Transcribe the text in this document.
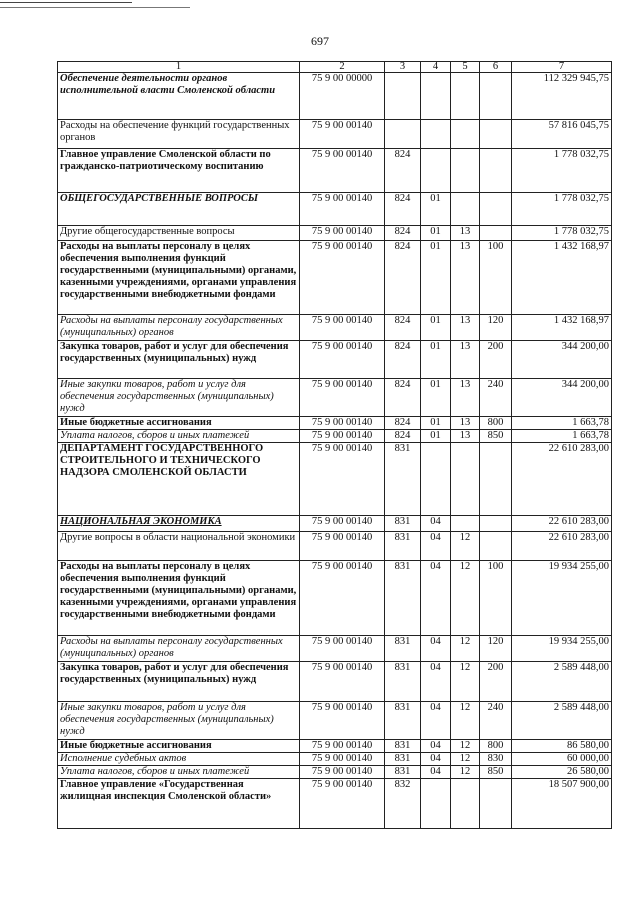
697
1	2	3	4	5	6	7
Обеспечение деятельности органов исполнительной власти Смоленской области	75 9 00 00000					112 329 945,75
Расходы на обеспечение функций государственных органов	75 9 00 00140					57 816 045,75
Главное управление Смоленской области по гражданско-патриотическому воспитанию	75 9 00 00140	824				1 778 032,75
ОБЩЕГОСУДАРСТВЕННЫЕ ВОПРОСЫ	75 9 00 00140	824	01			1 778 032,75
Другие общегосударственные вопросы	75 9 00 00140	824	01	13		1 778 032,75
Расходы на выплаты персоналу в целях обеспечения выполнения функций государственными (муниципальными) органами, казенными учреждениями, органами управления государственными внебюджетными фондами	75 9 00 00140	824	01	13	100	1 432 168,97
Расходы на выплаты персоналу государственных (муниципальных) органов	75 9 00 00140	824	01	13	120	1 432 168,97
Закупка товаров, работ и услуг для обеспечения государственных (муниципальных) нужд	75 9 00 00140	824	01	13	200	344 200,00
Иные закупки товаров, работ и услуг для обеспечения государственных (муниципальных) нужд	75 9 00 00140	824	01	13	240	344 200,00
Иные бюджетные ассигнования	75 9 00 00140	824	01	13	800	1 663,78
Уплата налогов, сборов и иных платежей	75 9 00 00140	824	01	13	850	1 663,78
ДЕПАРТАМЕНТ ГОСУДАРСТВЕННОГО СТРОИТЕЛЬНОГО И ТЕХНИЧЕСКОГО НАДЗОРА СМОЛЕНСКОЙ ОБЛАСТИ	75 9 00 00140	831				22 610 283,00
НАЦИОНАЛЬНАЯ ЭКОНОМИКА	75 9 00 00140	831	04			22 610 283,00
Другие вопросы в области национальной экономики	75 9 00 00140	831	04	12		22 610 283,00
Расходы на выплаты персоналу в целях обеспечения выполнения функций государственными (муниципальными) органами, казенными учреждениями, органами управления государственными внебюджетными фондами	75 9 00 00140	831	04	12	100	19 934 255,00
Расходы на выплаты персоналу государственных (муниципальных) органов	75 9 00 00140	831	04	12	120	19 934 255,00
Закупка товаров, работ и услуг для обеспечения государственных (муниципальных) нужд	75 9 00 00140	831	04	12	200	2 589 448,00
Иные закупки товаров, работ и услуг для обеспечения государственных (муниципальных) нужд	75 9 00 00140	831	04	12	240	2 589 448,00
Иные бюджетные ассигнования	75 9 00 00140	831	04	12	800	86 580,00
Исполнение судебных актов	75 9 00 00140	831	04	12	830	60 000,00
Уплата налогов, сборов и иных платежей	75 9 00 00140	831	04	12	850	26 580,00
Главное управление «Государственная жилищная инспекция Смоленской области»	75 9 00 00140	832				18 507 900,00
